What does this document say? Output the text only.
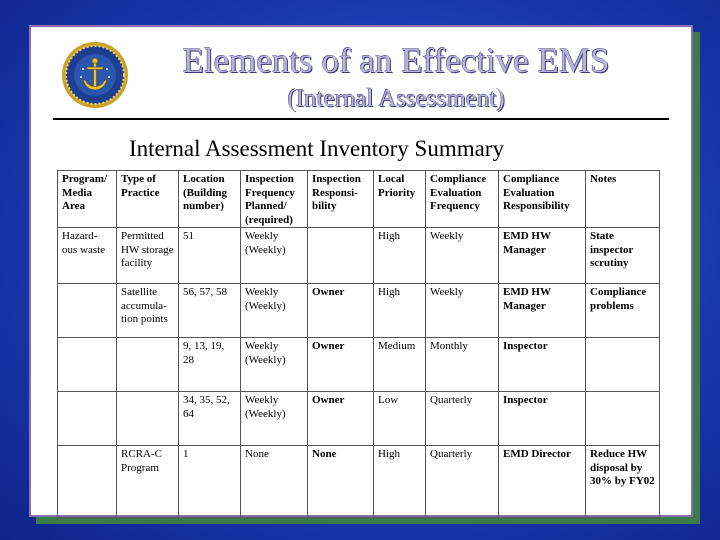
Elements of an Effective EMS
(Internal Assessment)
Internal Assessment Inventory Summary
Program/ Media Area	Type of Practice	Location (Building number)	Inspection Frequency Planned/ (required)	Inspection Responsi-bility	Local Priority	Compliance Evaluation Frequency	Compliance Evaluation Responsibility	Notes
Hazard-ous waste	Permitted HW storage facility	51	Weekly (Weekly)		High	Weekly	EMD HW Manager	State inspector scrutiny
	Satellite accumula-tion points	56, 57, 58	Weekly (Weekly)	Owner	High	Weekly	EMD HW Manager	Compliance problems
		9, 13, 19, 28	Weekly (Weekly)	Owner	Medium	Monthly	Inspector	
		34, 35, 52, 64	Weekly (Weekly)	Owner	Low	Quarterly	Inspector	
	RCRA-C Program	1	None	None	High	Quarterly	EMD Director	Reduce HW disposal by 30% by FY02
